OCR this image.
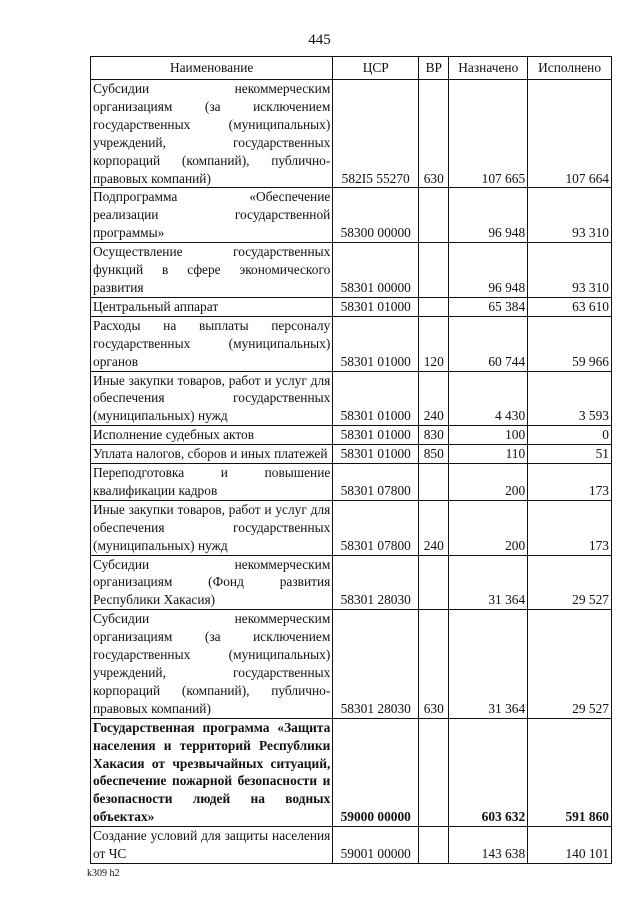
445
Наименование	ЦСР	ВР	Назначено	Исполнено
Субсидии некоммерческим организациям (за исключением государственных (муниципальных) учреждений, государственных корпораций (компаний), публично-правовых компаний)	582I5 55270	630	107 665	107 664
Подпрограмма «Обеспечение реализации государственной программы»	58300 00000		96 948	93 310
Осуществление государственных функций в сфере экономического развития	58301 00000		96 948	93 310
Центральный аппарат	58301 01000		65 384	63 610
Расходы на выплаты персоналу государственных (муниципальных) органов	58301 01000	120	60 744	59 966
Иные закупки товаров, работ и услуг для обеспечения государственных (муниципальных) нужд	58301 01000	240	4 430	3 593
Исполнение судебных актов	58301 01000	830	100	0
Уплата налогов, сборов и иных платежей	58301 01000	850	110	51
Переподготовка и повышение квалификации кадров	58301 07800		200	173
Иные закупки товаров, работ и услуг для обеспечения государственных (муниципальных) нужд	58301 07800	240	200	173
Субсидии некоммерческим организациям (Фонд развития Республики Хакасия)	58301 28030		31 364	29 527
Субсидии некоммерческим организациям (за исключением государственных (муниципальных) учреждений, государственных корпораций (компаний), публично-правовых компаний)	58301 28030	630	31 364	29 527
Государственная программа «Защита населения и территорий Республики Хакасия от чрезвычайных ситуаций, обеспечение пожарной безопасности и безопасности людей на водных объектах»	59000 00000		603 632	591 860
Создание условий для защиты населения от ЧС	59001 00000		143 638	140 101
k309 h2
